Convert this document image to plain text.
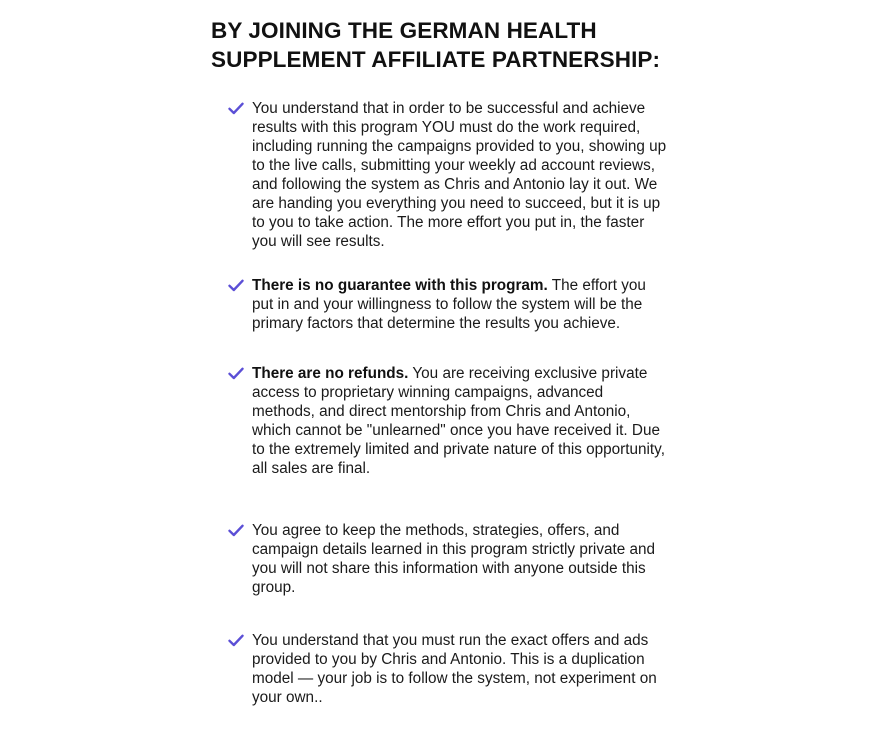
BY JOINING THE GERMAN HEALTH
SUPPLEMENT AFFILIATE PARTNERSHIP:
You understand that in order to be successful and achieve results with this program YOU must do the work required, including running the campaigns provided to you, showing up to the live calls, submitting your weekly ad account reviews, and following the system as Chris and Antonio lay it out. We are handing you everything you need to succeed, but it is up to you to take action. The more effort you put in, the faster you will see results.
There is no guarantee with this program. The effort you put in and your willingness to follow the system will be the primary factors that determine the results you achieve.
There are no refunds. You are receiving exclusive private access to proprietary winning campaigns, advanced methods, and direct mentorship from Chris and Antonio, which cannot be "unlearned" once you have received it. Due to the extremely limited and private nature of this opportunity, all sales are final.
You agree to keep the methods, strategies, offers, and campaign details learned in this program strictly private and you will not share this information with anyone outside this group.
You understand that you must run the exact offers and ads provided to you by Chris and Antonio. This is a duplication model — your job is to follow the system, not experiment on your own..
